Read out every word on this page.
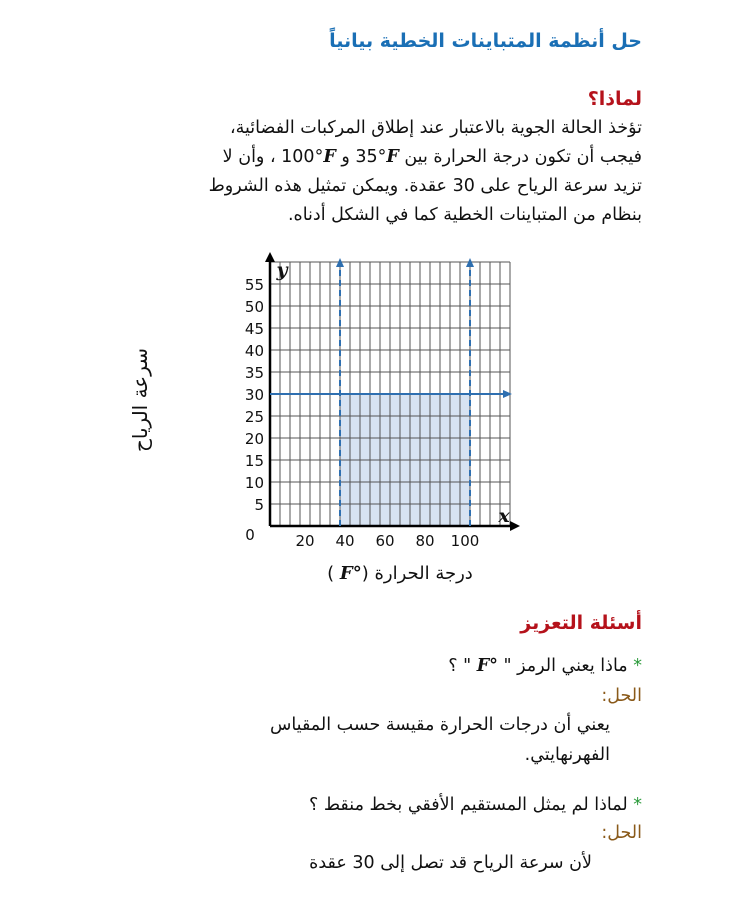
حل أنظمة المتباينات الخطية بيانياً
لماذا؟

تؤخذ الحالة الجوية بالاعتبار عند إطلاق المركبات الفضائية،

فيجب أن تكون درجة الحرارة بين 35°F و 100°F ، وأن لا

تزيد سرعة الرياح على 30 عقدة. ويمكن تمثيل هذه الشروط

بنظام من المتباينات الخطية كما في الشكل أدناه.

5
10
15
20
25
30
35
40
45
50
55
20 40 60 80 100
0
x
y
سرعة الرياح
درجة الحرارة (F° )
أسئلة التعزيز
* ماذا يعني الرمز " F° " ؟
الحل:

يعني أن درجات الحرارة مقيسة حسب المقياس

الفهرنهايتي.

* لماذا لم يمثل المستقيم الأفقي بخط منقط ؟
الحل:

لأن سرعة الرياح قد تصل إلى 30 عقدة
